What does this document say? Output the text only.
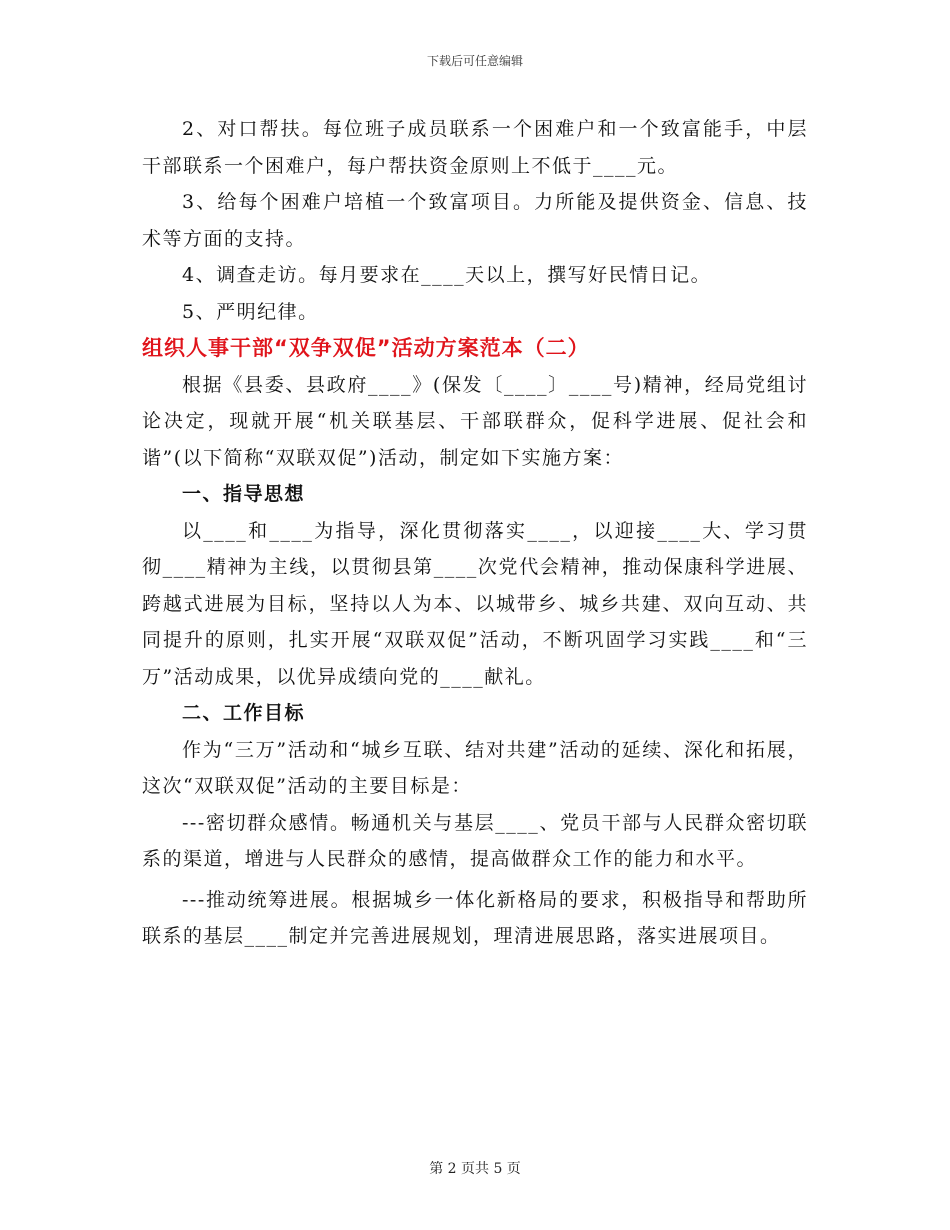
下载后可任意编辑

2、对口帮扶。每位班子成员联系一个困难户和一个致富能手，中层干部联系一个困难户，每户帮扶资金原则上不低于____元。

3、给每个困难户培植一个致富项目。力所能及提供资金、信息、技术等方面的支持。

4、调查走访。每月要求在____天以上，撰写好民情日记。

5、严明纪律。

组织人事干部“双争双促”活动方案范本（二）

根据《县委、县政府____》(保发〔____〕____号)精神，经局党组讨论决定，现就开展“机关联基层、干部联群众，促科学进展、促社会和谐”(以下简称“双联双促”)活动，制定如下实施方案：

一、指导思想

以____和____为指导，深化贯彻落实____，以迎接____大、学习贯彻____精神为主线，以贯彻县第____次党代会精神，推动保康科学进展、跨越式进展为目标，坚持以人为本、以城带乡、城乡共建、双向互动、共同提升的原则，扎实开展“双联双促”活动，不断巩固学习实践____和“三万”活动成果，以优异成绩向党的____献礼。

二、工作目标

作为“三万”活动和“城乡互联、结对共建”活动的延续、深化和拓展，这次“双联双促”活动的主要目标是：

---密切群众感情。畅通机关与基层____、党员干部与人民群众密切联系的渠道，增进与人民群众的感情，提高做群众工作的能力和水平。

---推动统筹进展。根据城乡一体化新格局的要求，积极指导和帮助所联系的基层____制定并完善进展规划，理清进展思路，落实进展项目。

第 2 页共 5 页
